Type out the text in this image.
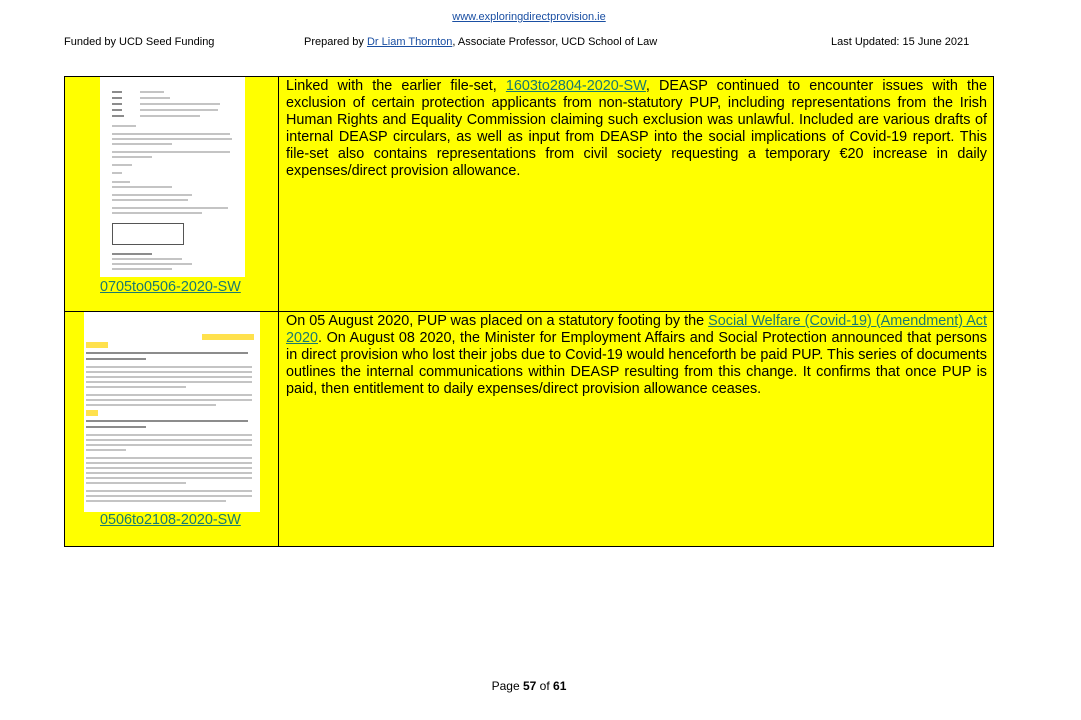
www.exploringdirectprovision.ie
Funded by UCD Seed Funding	Prepared by Dr Liam Thornton, Associate Professor, UCD School of Law	Last Updated: 15 June 2021
0705to0506-2020-SW	Linked with the earlier file-set, 1603to2804-2020-SW, DEASP continued to encounter issues with the exclusion of certain protection applicants from non-statutory PUP, including representations from the Irish Human Rights and Equality Commission claiming such exclusion was unlawful. Included are various drafts of internal DEASP circulars, as well as input from DEASP into the social implications of Covid-19 report. This file-set also contains representations from civil society requesting a temporary €20 increase in daily expenses/direct provision allowance.

0506to2108-2020-SW	On 05 August 2020, PUP was placed on a statutory footing by the Social Welfare (Covid-19) (Amendment) Act 2020. On August 08 2020, the Minister for Employment Affairs and Social Protection announced that persons in direct provision who lost their jobs due to Covid-19 would henceforth be paid PUP. This series of documents outlines the internal communications within DEASP resulting from this change. It confirms that once PUP is paid, then entitlement to daily expenses/direct provision allowance ceases.

Page 57 of 61
